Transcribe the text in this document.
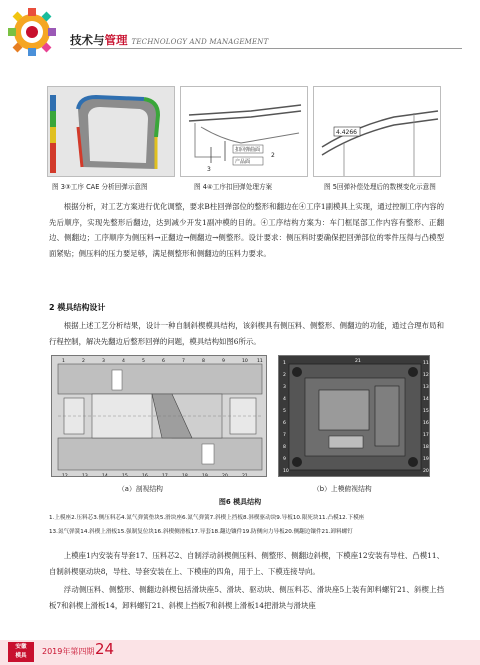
技术与管理 TECHNOLOGY AND MANAGEMENT
图 3③工序 CAE 分析回弹示意图
3
扣回弹曲面
产品面
2
图 4④工序扣回弹处理方案
4.4266
图 5回弹补偿处理后的数模变化示意图
根据分析，对工艺方案进行优化调整，要求B柱回弹部位的整形和翻边在④工序1副模具上实现，通过控制工序内容的先后顺序，实现先整形后翻边，达到减少开发1副冲模的目的。④工序结构方案为：车门框尾部工作内容有整形、正翻边、侧翻边；工序顺序为侧压料→正翻边→侧翻边→侧整形。设计要求：侧压料时要确保把回弹部位的零件压得与凸模型面紧贴；侧压料的压力要足够，满足侧整形和侧翻边的压料力要求。
2 模具结构设计
根据上述工艺分析结果，设计一种自制斜楔模具结构，该斜楔具有侧压料、侧整形、侧翻边的功能，通过合理布局和行程控制，解决先翻边后整形回弹的问题，模具结构如图6所示。
1	2	3	4	5	6	7	8	9	10 11
12	13	14	15	16	17	18	19	20	21
1
2
3
4
5
6
7
8
9
10
11
12
13
14
15
16
17
18
19
20
21
（a）剖视结构	（b）上模俯视结构
图6 模具结构
1.上模座2.压料芯3.侧压料芯4.氮气弹簧垫块5.滑块座6.氮气弹簧7.斜楔上挡板8.斜楔驱动块9.导板10.限死块11.凸模12.下模座
13.氮气弹簧14.斜楔上滑板15.强制复位块16.斜楔侧滑板17.导套18.翻边镶件19.防侧向力导板20.侧翻边镶件21.卸料螺钉
上模座1内安装有导套17、压料芯2、自制浮动斜楔侧压料、侧整形、侧翻边斜楔，下模座12安装有导柱、凸模11、自制斜楔驱动块8，导柱、导套安装在上、下模座的四角，用于上、下模连接导向。
浮动侧压料、侧整形、侧翻边斜楔包括滑块座5、滑块、驱动块、侧压料芯、滑块座5上装有卸料螺钉21、斜楔上挡板7和斜楔上滑板14，卸料螺钉21、斜楔上挡板7和斜楔上滑板14把滑块与滑块座
安徽
模具	2019年第四期 24
